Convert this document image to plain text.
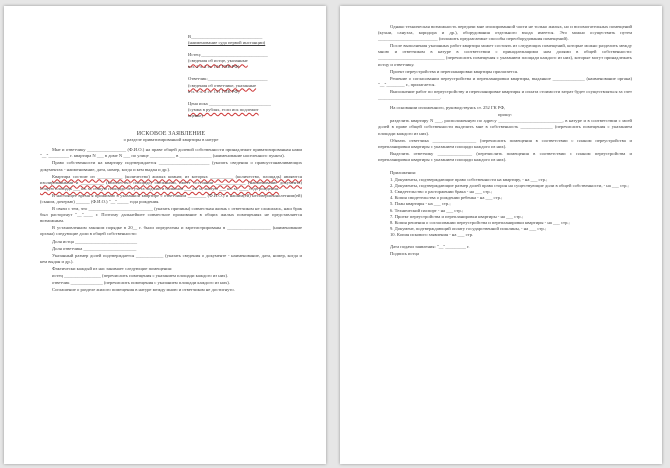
В_______________________________
(наименование суда первой инстанции)
Истец:_____________________________
(сведения об истце, указанные
в п. 2 ч. 2 ст. 131 ГПК РФ)
Ответчик:__________________________
(сведения об ответчике, указанные
в п. 3 ч. 2 ст. 131 ГПК РФ)
Цена иска ___________________________
(сумма в рублях, если иск подлежит
оценке)
ИСКОВОЕ ЗАЯВЛЕНИЕ
о разделе приватизированной квартиры в натуре
Мне и ответчику _________________ (Ф.И.О.) на праве общей долевой собственности принадлежит приватизированная нами "__"_________ г. квартира N ___ в доме N ___ по улице ___________ в ______________ (наименование населенного пункта).
Право собственности на квартиру подтверждается ______________________ (указать сведения о правоустанавливающих документах - наименование, дата, номер, когда и кем выдан и др.).
Квартира состоит из ___________ (количество) жилых комнат, из которых __________ (количество, площадь) являются изолированными и __________ (количество, площадь) смежными, имеет состоянии _____________ (наименование документа) общую площадь ___ кв. м, общую площадь без учета лоджий и балконов ___ кв. м, жилую ___ кв. м, ____ года рождения.
В настоящее время я проживаю в указанной квартире с ответчиком ________ (Ф.И.О.) и нашим(ей) несовершеннолетним(ей) (сыном, дочерью) ______ (Ф.И.О.) "__"_____ года рождения.
В связи с тем, что ____________________________ (указать причины) совместная жизнь с ответчиком не сложилась, наш брак был расторгнут "__"____ г. Поэтому дальнейшее совместное проживание в общих жилых помещениях не представляется возможным.
В установленном законом порядке в 20__ г. были определены и зарегистрированы в ___________________ (наименование органа) следующие доли в общей собственности:
Доля истца ___________________________
Доля ответчика _______________________
Указанный размер долей подтверждается ____________ (указать сведения о документе - наименование, дата, номер, когда и кем выдан и др.).
Фактически каждый из нас занимает следующие помещения:
истец ________________ (перечислить помещения с указанием площади каждого из них).
ответчик ______________ (перечислить помещения с указанием площади каждого из них).
Соглашение о разделе жилого помещения в натуре между мною и ответчиком не достигнуто.
Однако техническая возможность передачи мне изолированной части не только жилых, но и вспомогательных помещений (кухни, санузла, коридора и др.), оборудования отдельного входа имеется. Это можно осуществить путем __________________________ (изложить предлагаемые способы переоборудования помещений).
После выполнения указанных работ квартира может состоять из следующих помещений, которые можно разделить между мною и ответчиком в натуре в соответствии с принадлежащими нам долями в общей собственности: _____________________________ (перечислить помещения с указанием площади каждого из них), которые могут принадлежать истцу и ответчику.
Проект переустройства и перепланировки квартиры прилагается.
Решение о согласовании переустройства и перепланировки квартиры, выданное ______________ (наименование органа) "__"________ г., прилагается.
Выполнение работ по переустройству и перепланировке квартиры и оплата стоимости затрат будет осуществляться за счет ___________________________.
На основании изложенного, руководствуясь ст. 252 ГК РФ,
прошу:
разделить квартиру N ___, расположенную по адресу ____________________________, в натуре и в соответствии с моей долей в праве общей собственности выделить мне в собственность ______________ (перечислить помещения с указанием площади каждого из них).
Обязать ответчика ___________________ (перечислить помещения в соответствии с планом переустройства и перепланировки квартиры с указанием площади каждого из них).
Выделить ответчику _______________ (перечислить помещения в соответствии с планом переустройства и перепланировки квартиры с указанием площади каждого из них).
Приложения:
1. Документы, подтверждающие право собственности на квартиру, - на ___ стр.;
2. Документы, подтверждающие размер долей права сторон на существующие доли в общей собственности, - на ___ стр.;
3. Свидетельство о расторжении брака - на ___ стр.;
4. Копия свидетельства о рождении ребенка - на ___ стр.;
5. План квартиры - на ___ стр.;
6. Технический паспорт - на ___ стр.;
7. Проект переустройства и перепланировки квартиры - на ___ стр.;
8. Копия решения о согласовании переустройства и перепланировки квартиры - на ___ стр.;
9. Документ, подтверждающий оплату государственной пошлины, - на ___ стр.;
10. Копия искового заявления - на ___ стр.
Дата подачи заявления: "__"_________ г.
Подпись истца
